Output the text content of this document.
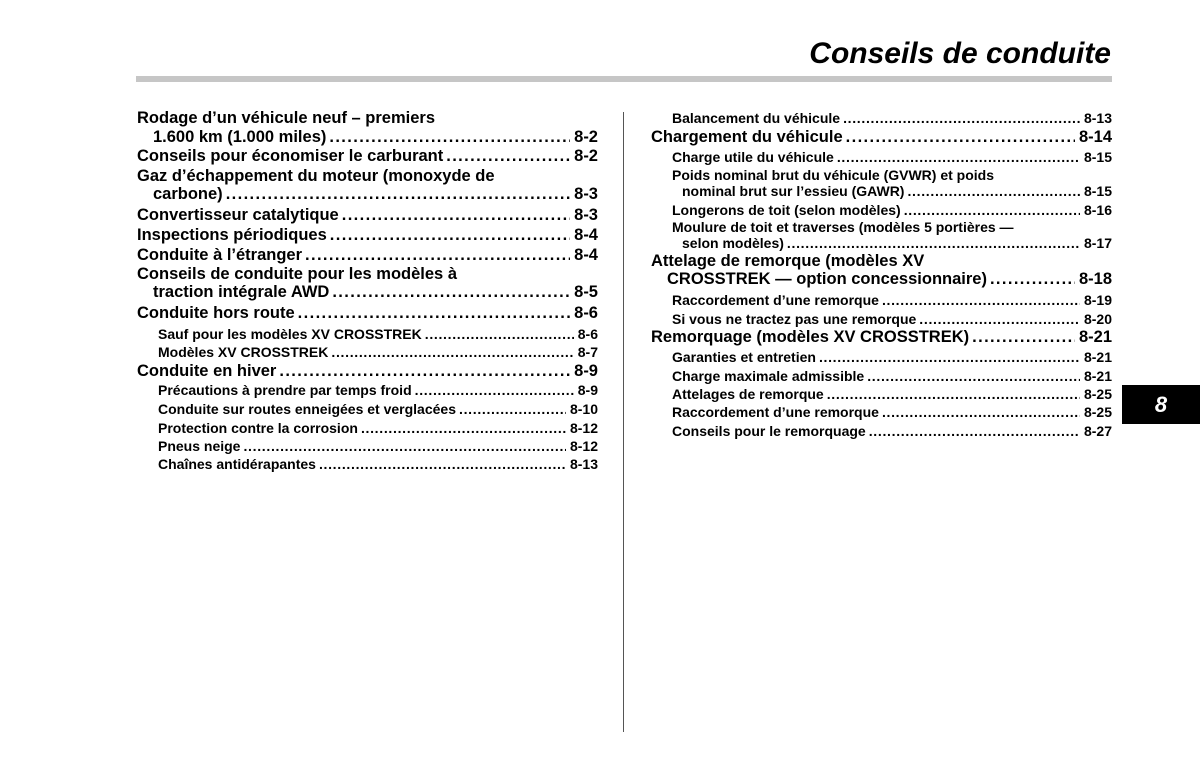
Conseils de conduite
8
Rodage d’un véhicule neuf – premiers
1.600 km (1.000 miles) . . .	8-2
Conseils pour économiser le carburant . . .	8-2
Gaz d’échappement du moteur (monoxyde de
carbone) . . .	8-3
Convertisseur catalytique . . .	8-3
Inspections périodiques . . .	8-4
Conduite à l’étranger . . .	8-4
Conseils de conduite pour les modèles à
traction intégrale AWD . . .	8-5
Conduite hors route . . .	8-6
Sauf pour les modèles XV CROSSTREK . . .	8-6
Modèles XV CROSSTREK . . .	8-7
Conduite en hiver . . .	8-9
Précautions à prendre par temps froid . . .	8-9
Conduite sur routes enneigées et verglacées . . .	8-10
Protection contre la corrosion . . .	8-12
Pneus neige . . .	8-12
Chaînes antidérapantes . . .	8-13
Balancement du véhicule . . .	8-13
Chargement du véhicule . . .	8-14
Charge utile du véhicule . . .	8-15
Poids nominal brut du véhicule (GVWR) et poids
nominal brut sur l’essieu (GAWR) . . .	8-15
Longerons de toit (selon modèles) . . .	8-16
Moulure de toit et traverses (modèles 5 portières —
selon modèles) . . .	8-17
Attelage de remorque (modèles XV
CROSSTREK — option concessionnaire) . . .	8-18
Raccordement d’une remorque . . .	8-19
Si vous ne tractez pas une remorque . . .	8-20
Remorquage (modèles XV CROSSTREK) . . .	8-21
Garanties et entretien . . .	8-21
Charge maximale admissible . . .	8-21
Attelages de remorque . . .	8-25
Raccordement d’une remorque . . .	8-25
Conseils pour le remorquage . . .	8-27
